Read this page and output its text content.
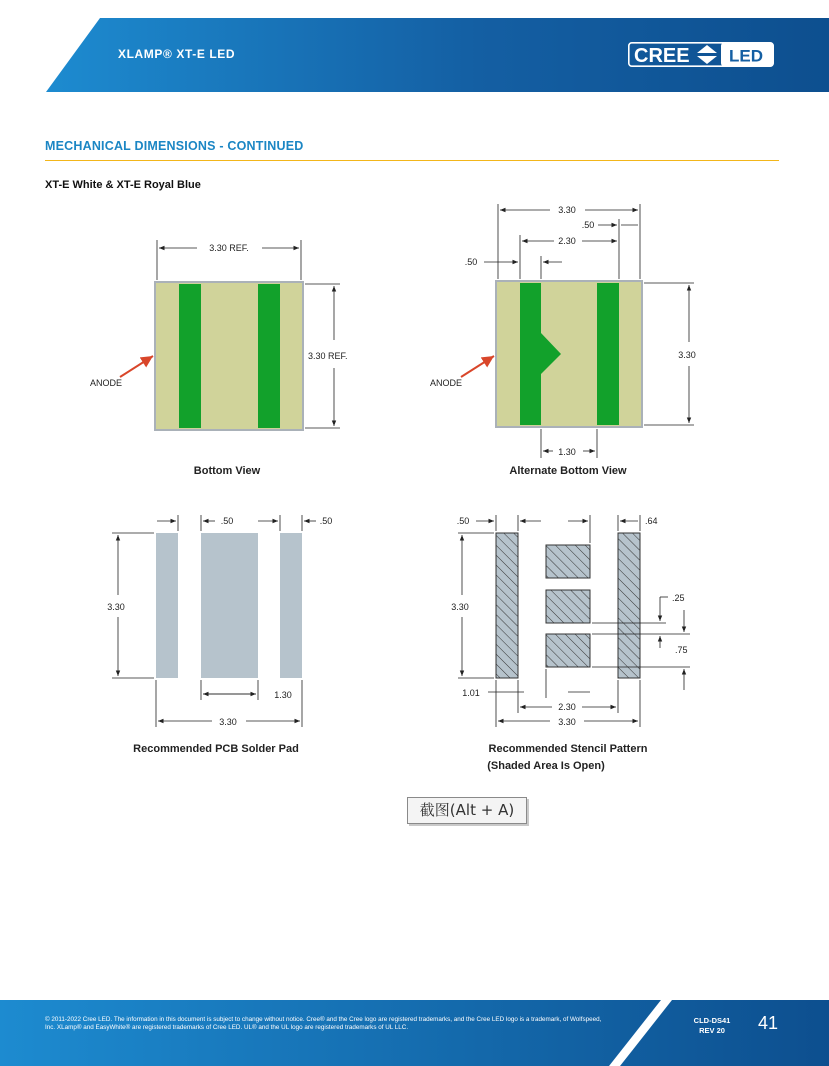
XLAMP® XT-E LED	CREE LED
MECHANICAL DIMENSIONS - CONTINUED
XT-E White & XT-E Royal Blue
3.30 REF.
3.30 REF.
ANODE
Bottom View
3.30
.50
2.30
.50
3.30
1.30
ANODE
Alternate Bottom View
.50	.50
3.30
1.30
3.30
Recommended PCB Solder Pad
.50	.64
3.30
.25
.75
1.01
2.30
3.30
Recommended Stencil Pattern
(Shaded Area Is Open)
截图(Alt + A)
© 2011-2022 Cree LED. The information in this document is subject to change without notice. Cree® and the Cree logo are registered trademarks, and the Cree LED logo is a trademark, of Wolfspeed, Inc. XLamp® and EasyWhite® are registered trademarks of Cree LED. UL® and the UL logo are registered trademarks of UL LLC.
CLD-DS41
REV 20	41
